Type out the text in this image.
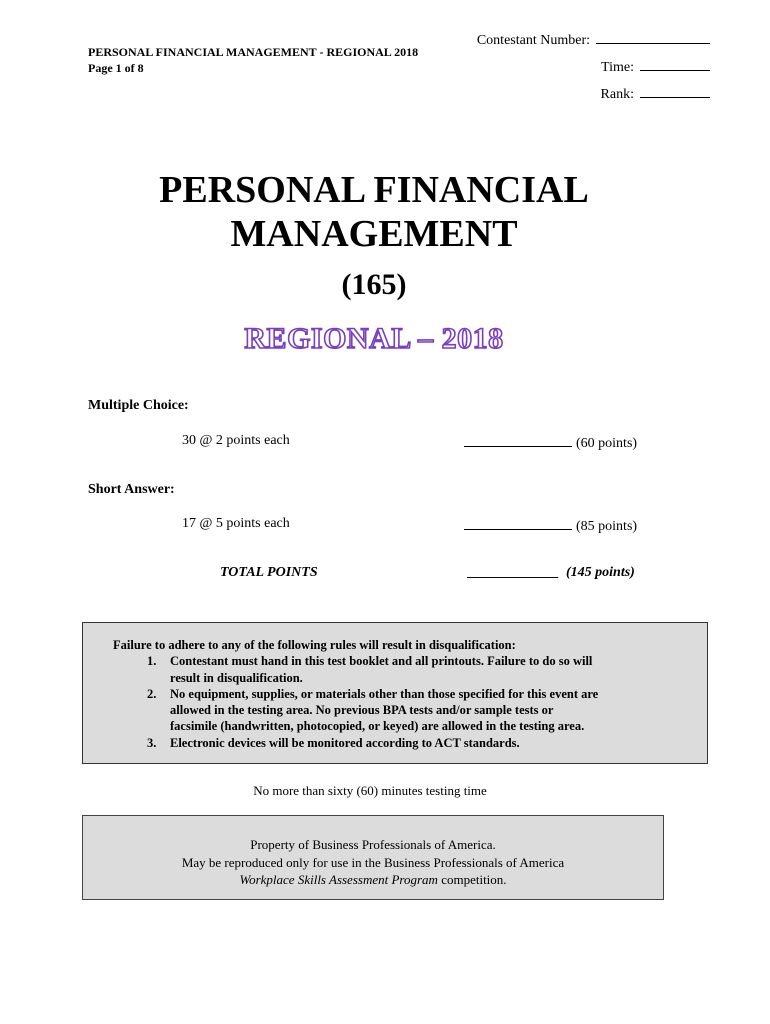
PERSONAL FINANCIAL MANAGEMENT - REGIONAL 2018
Page 1 of 8
Contestant Number:
Time:
Rank:
PERSONAL FINANCIAL
MANAGEMENT
(165)
REGIONAL – 2018
Multiple Choice:
30 @ 2 points each	(60 points)
Short Answer:
17 @ 5 points each	(85 points)
TOTAL POINTS	_____________ (145 points)
Failure to adhere to any of the following rules will result in disqualification:
1. Contestant must hand in this test booklet and all printouts. Failure to do so will
result in disqualification.
2. No equipment, supplies, or materials other than those specified for this event are
allowed in the testing area. No previous BPA tests and/or sample tests or
facsimile (handwritten, photocopied, or keyed) are allowed in the testing area.
3. Electronic devices will be monitored according to ACT standards.
No more than sixty (60) minutes testing time
Property of Business Professionals of America.
May be reproduced only for use in the Business Professionals of America
Workplace Skills Assessment Program competition.
